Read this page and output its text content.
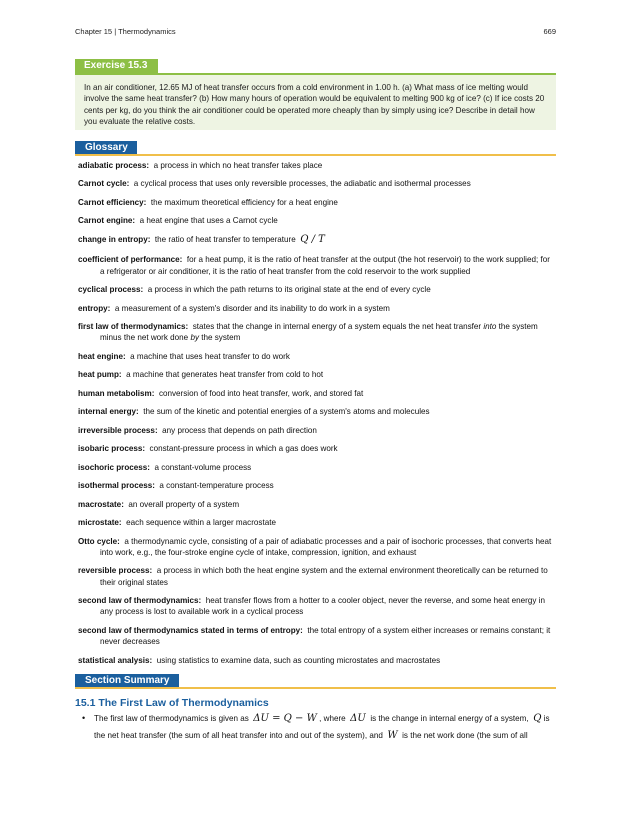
Chapter 15 | Thermodynamics	669
Exercise 15.3
In an air conditioner, 12.65 MJ of heat transfer occurs from a cold environment in 1.00 h. (a) What mass of ice melting would involve the same heat transfer? (b) How many hours of operation would be equivalent to melting 900 kg of ice? (c) If ice costs 20 cents per kg, do you think the air conditioner could be operated more cheaply than by simply using ice? Describe in detail how you evaluate the relative costs.
Glossary
adiabatic process: a process in which no heat transfer takes place
Carnot cycle: a cyclical process that uses only reversible processes, the adiabatic and isothermal processes
Carnot efficiency: the maximum theoretical efficiency for a heat engine
Carnot engine: a heat engine that uses a Carnot cycle
change in entropy: the ratio of heat transfer to temperature Q / T
coefficient of performance: for a heat pump, it is the ratio of heat transfer at the output (the hot reservoir) to the work supplied; for a refrigerator or air conditioner, it is the ratio of heat transfer from the cold reservoir to the work supplied
cyclical process: a process in which the path returns to its original state at the end of every cycle
entropy: a measurement of a system's disorder and its inability to do work in a system
first law of thermodynamics: states that the change in internal energy of a system equals the net heat transfer into the system minus the net work done by the system
heat engine: a machine that uses heat transfer to do work
heat pump: a machine that generates heat transfer from cold to hot
human metabolism: conversion of food into heat transfer, work, and stored fat
internal energy: the sum of the kinetic and potential energies of a system's atoms and molecules
irreversible process: any process that depends on path direction
isobaric process: constant-pressure process in which a gas does work
isochoric process: a constant-volume process
isothermal process: a constant-temperature process
macrostate: an overall property of a system
microstate: each sequence within a larger macrostate
Otto cycle: a thermodynamic cycle, consisting of a pair of adiabatic processes and a pair of isochoric processes, that converts heat into work, e.g., the four-stroke engine cycle of intake, compression, ignition, and exhaust
reversible process: a process in which both the heat engine system and the external environment theoretically can be returned to their original states
second law of thermodynamics: heat transfer flows from a hotter to a cooler object, never the reverse, and some heat energy in any process is lost to available work in a cyclical process
second law of thermodynamics stated in terms of entropy: the total entropy of a system either increases or remains constant; it never decreases
statistical analysis: using statistics to examine data, such as counting microstates and macrostates
Section Summary
15.1 The First Law of Thermodynamics
• The first law of thermodynamics is given as ΔU = Q − W , where ΔU is the change in internal energy of a system, Q is the net heat transfer (the sum of all heat transfer into and out of the system), and W is the net work done (the sum of all
